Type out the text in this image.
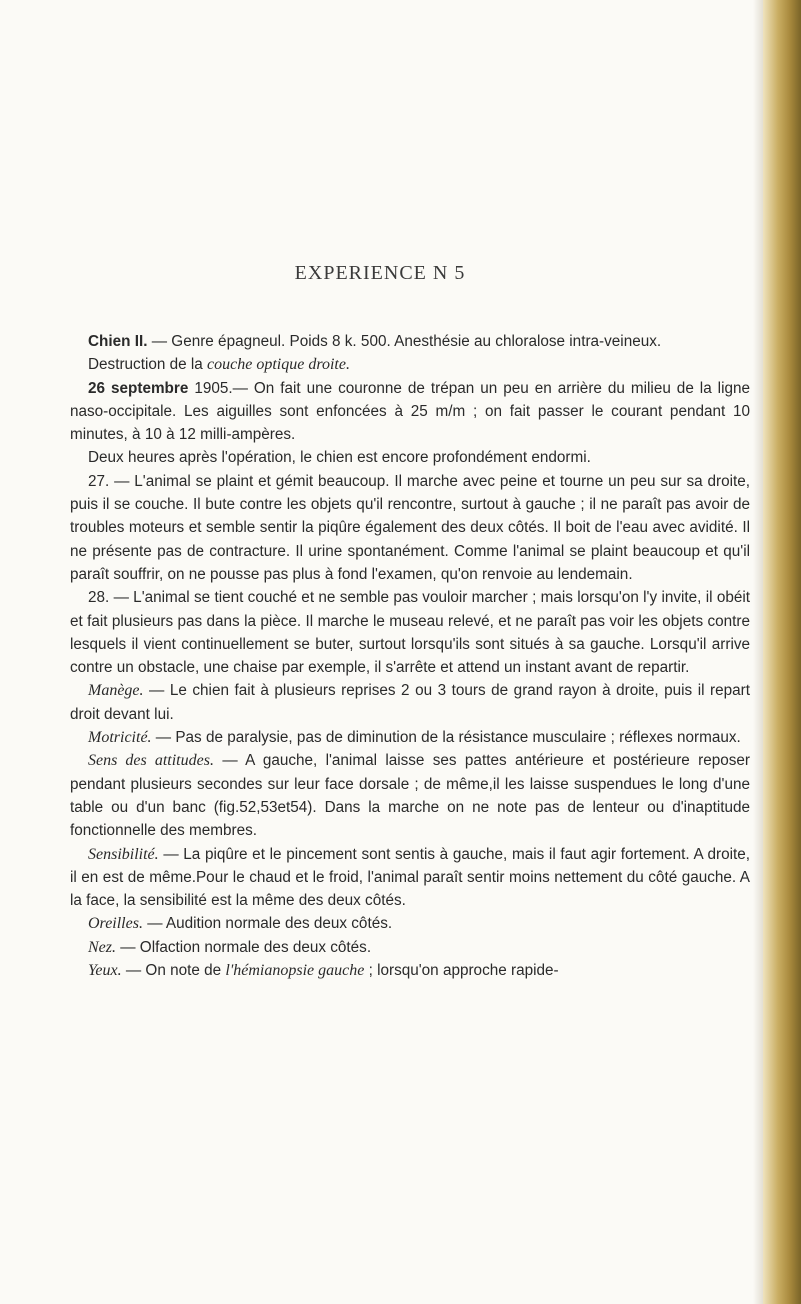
EXPERIENCE N 5

Chien II. — Genre épagneul. Poids 8 k. 500. Anesthésie au chloralose intra-veineux.

Destruction de la couche optique droite.

26 septembre 1905.— On fait une couronne de trépan un peu en arrière du milieu de la ligne naso-occipitale. Les aiguilles sont enfoncées à 25 m/m ; on fait passer le courant pendant 10 minutes, à 10 à 12 milli-ampères.

Deux heures après l'opération, le chien est encore profondément endormi.

27. — L'animal se plaint et gémit beaucoup. Il marche avec peine et tourne un peu sur sa droite, puis il se couche. Il bute contre les objets qu'il rencontre, surtout à gauche ; il ne paraît pas avoir de troubles moteurs et semble sentir la piqûre également des deux côtés. Il boit de l'eau avec avidité. Il ne présente pas de contracture. Il urine spontanément. Comme l'animal se plaint beaucoup et qu'il paraît souffrir, on ne pousse pas plus à fond l'examen, qu'on renvoie au lendemain.

28. — L'animal se tient couché et ne semble pas vouloir marcher ; mais lorsqu'on l'y invite, il obéit et fait plusieurs pas dans la pièce. Il marche le museau relevé, et ne paraît pas voir les objets contre lesquels il vient continuellement se buter, surtout lorsqu'ils sont situés à sa gauche. Lorsqu'il arrive contre un obstacle, une chaise par exemple, il s'arrête et attend un instant avant de repartir.

Manège. — Le chien fait à plusieurs reprises 2 ou 3 tours de grand rayon à droite, puis il repart droit devant lui.

Motricité. — Pas de paralysie, pas de diminution de la résistance musculaire ; réflexes normaux.

Sens des attitudes. — A gauche, l'animal laisse ses pattes antérieure et postérieure reposer pendant plusieurs secondes sur leur face dorsale ; de même,il les laisse suspendues le long d'une table ou d'un banc (fig.52,53et54). Dans la marche on ne note pas de lenteur ou d'inaptitude fonctionnelle des membres.

Sensibilité. — La piqûre et le pincement sont sentis à gauche, mais il faut agir fortement. A droite, il en est de même.Pour le chaud et le froid, l'animal paraît sentir moins nettement du côté gauche. A la face, la sensibilité est la même des deux côtés.

Oreilles. — Audition normale des deux côtés.

Nez. — Olfaction normale des deux côtés.

Yeux. — On note de l'hémianopsie gauche ; lorsqu'on approche rapide-
